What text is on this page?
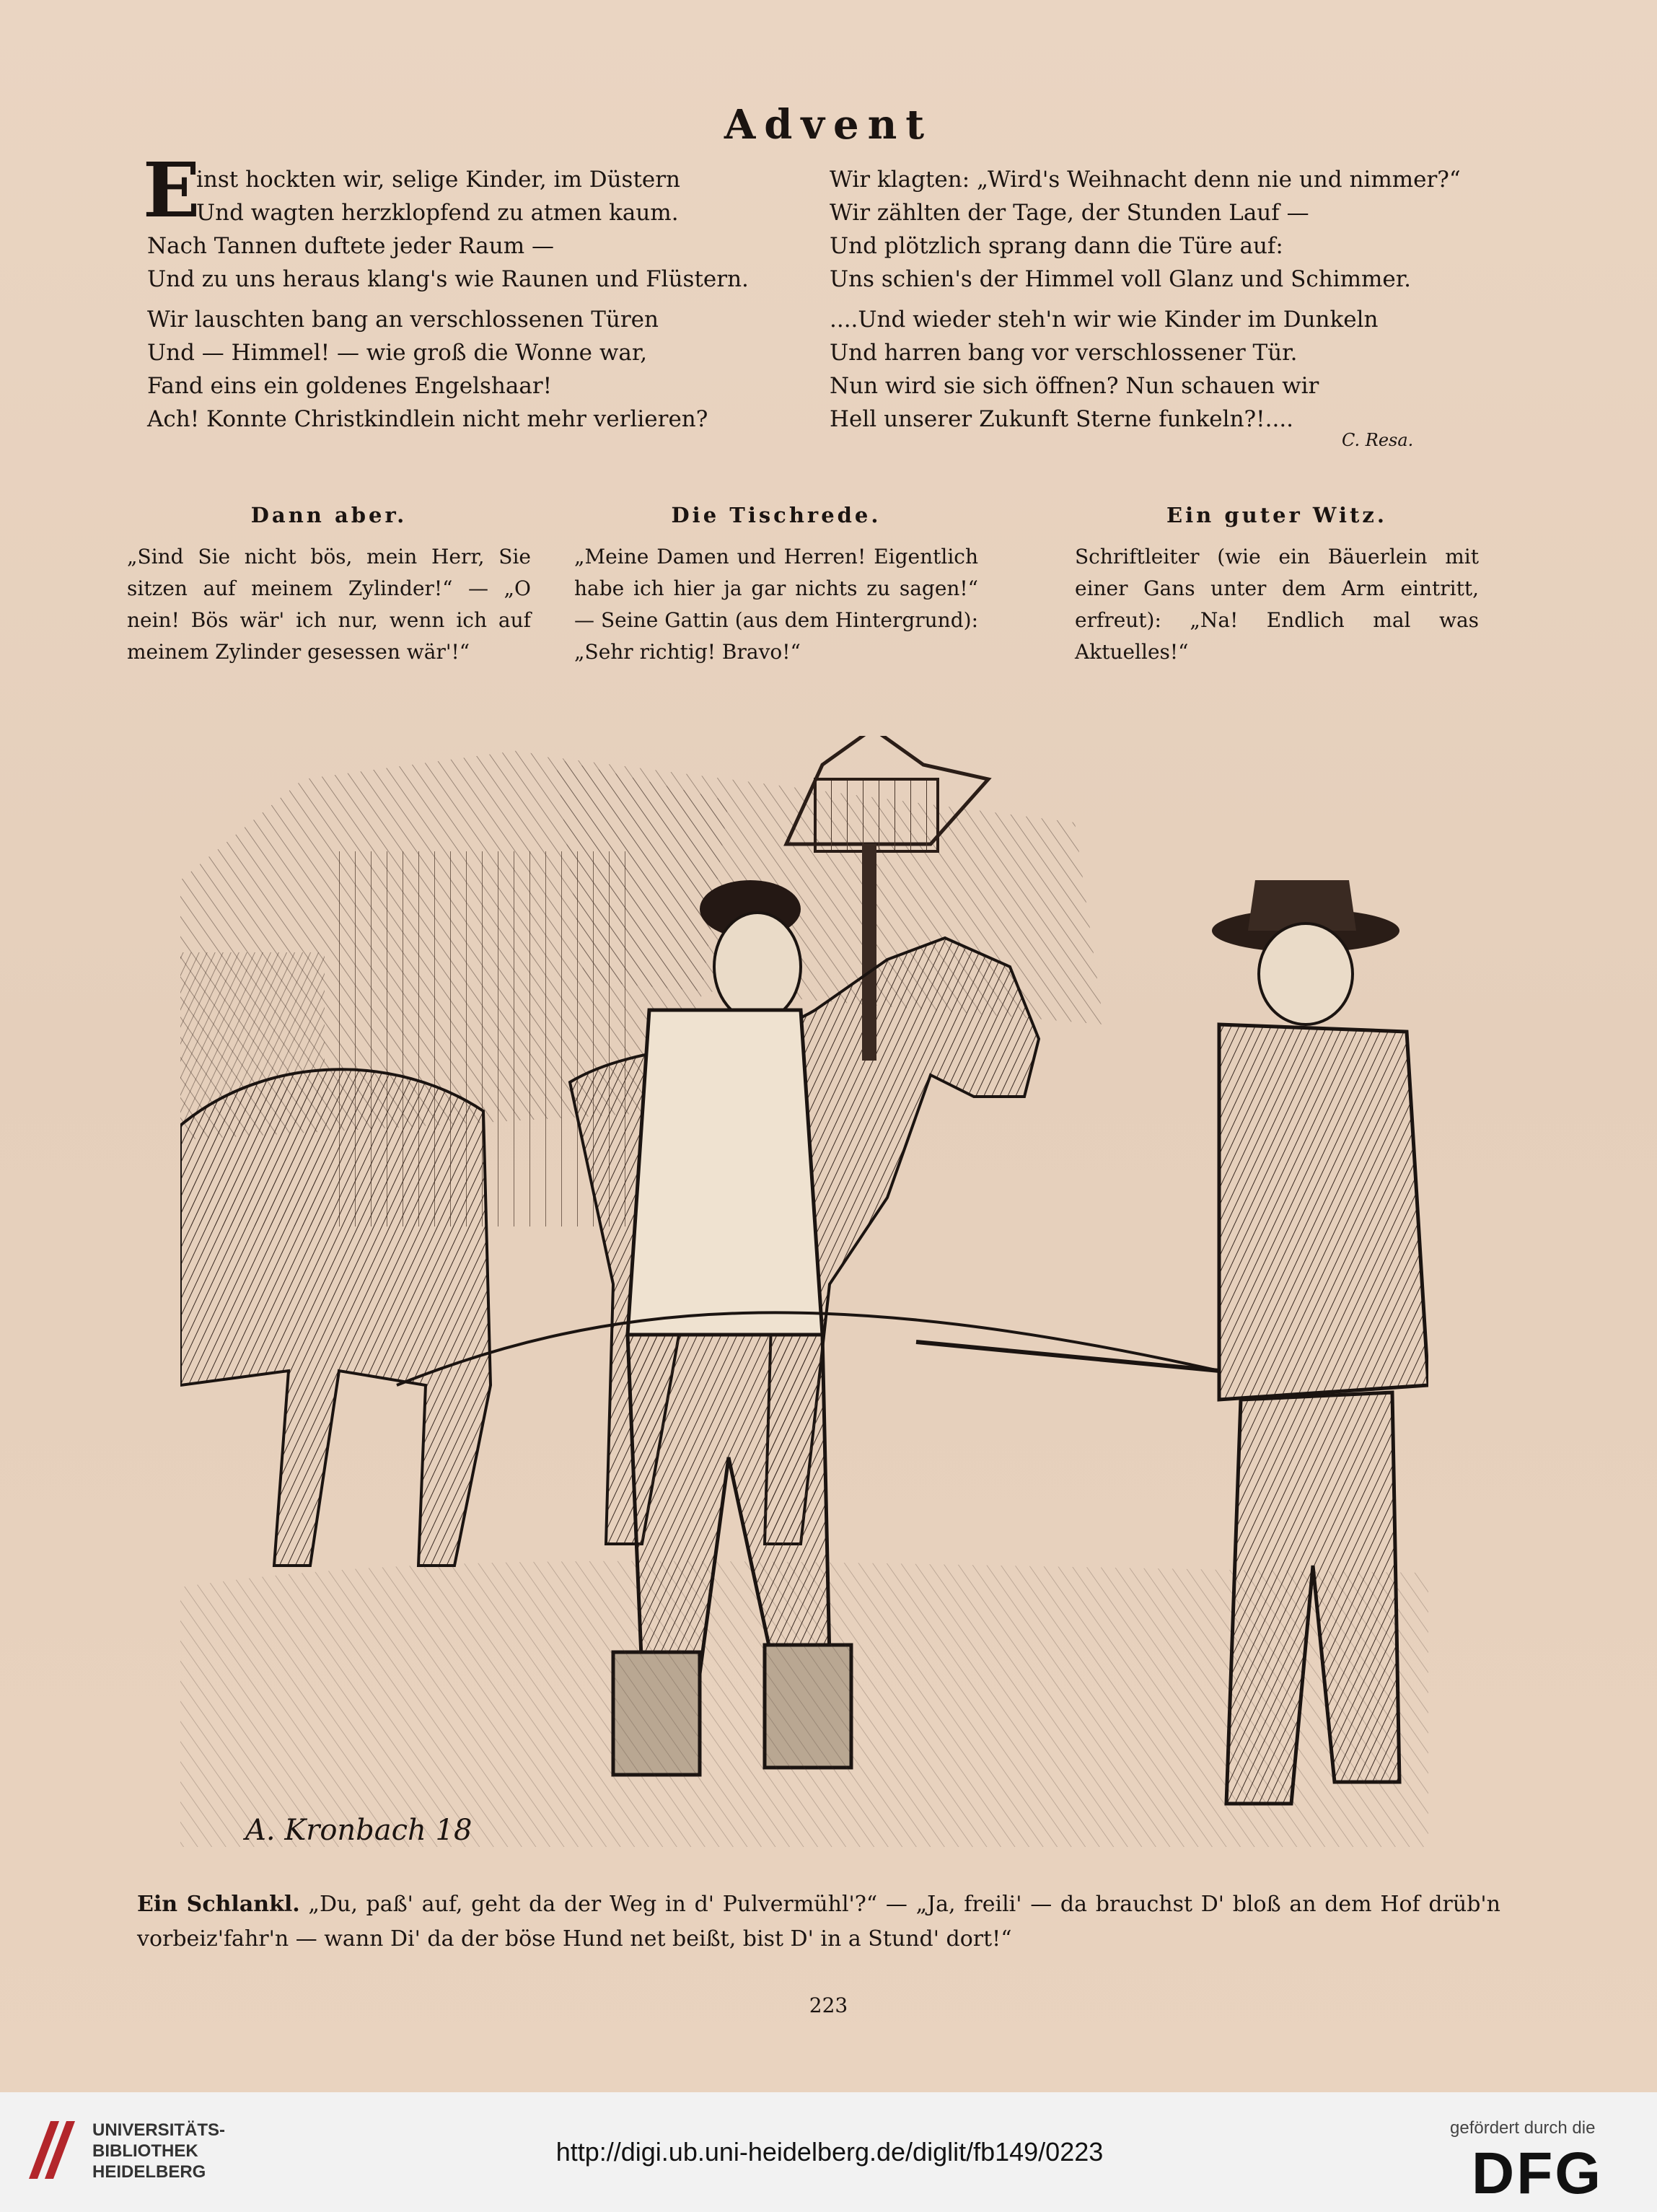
Advent
E
inst hockten wir, selige Kinder, im Düstern
Und wagten herzklopfend zu atmen kaum.
Nach Tannen duftete jeder Raum —
Und zu uns heraus klang's wie Raunen und Flüstern.
Wir lauschten bang an verschlossenen Türen
Und — Himmel! — wie groß die Wonne war,
Fand eins ein goldenes Engelshaar!
Ach! Konnte Christkindlein nicht mehr verlieren?
Wir klagten: „Wird's Weihnacht denn nie und nimmer?“
Wir zählten der Tage, der Stunden Lauf —
Und plötzlich sprang dann die Türe auf:
Uns schien's der Himmel voll Glanz und Schimmer.
....Und wieder steh'n wir wie Kinder im Dunkeln
Und harren bang vor verschlossener Tür.
Nun wird sie sich öffnen? Nun schauen wir
Hell unserer Zukunft Sterne funkeln?!....
C. Resa.
Dann aber.

„Sind Sie nicht bös, mein Herr, Sie sitzen auf meinem Zylinder!“ — „O nein! Bös wär' ich nur, wenn ich auf meinem Zylinder gesessen wär'!“

Die Tischrede.

„Meine Damen und Herren! Eigentlich habe ich hier ja gar nichts zu sagen!“ — Seine Gattin (aus dem Hintergrund): „Sehr richtig! Bravo!“

Ein guter Witz.

Schriftleiter (wie ein Bäuerlein mit einer Gans unter dem Arm eintritt, erfreut): „Na! Endlich mal was Aktuelles!“

A. Kronbach 18
Ein Schlankl. „Du, paß' auf, geht da der Weg in d' Pulvermühl'?“ — „Ja, freili' — da brauchst D' bloß an dem Hof drüb'n vorbeiz'fahr'n — wann Di' da der böse Hund net beißt, bist D' in a Stund' dort!“
223
UNIVERSITÄTS-
BIBLIOTHEK
HEIDELBERG
http://digi.ub.uni-heidelberg.de/diglit/fb149/0223
gefördert durch die
DFG
